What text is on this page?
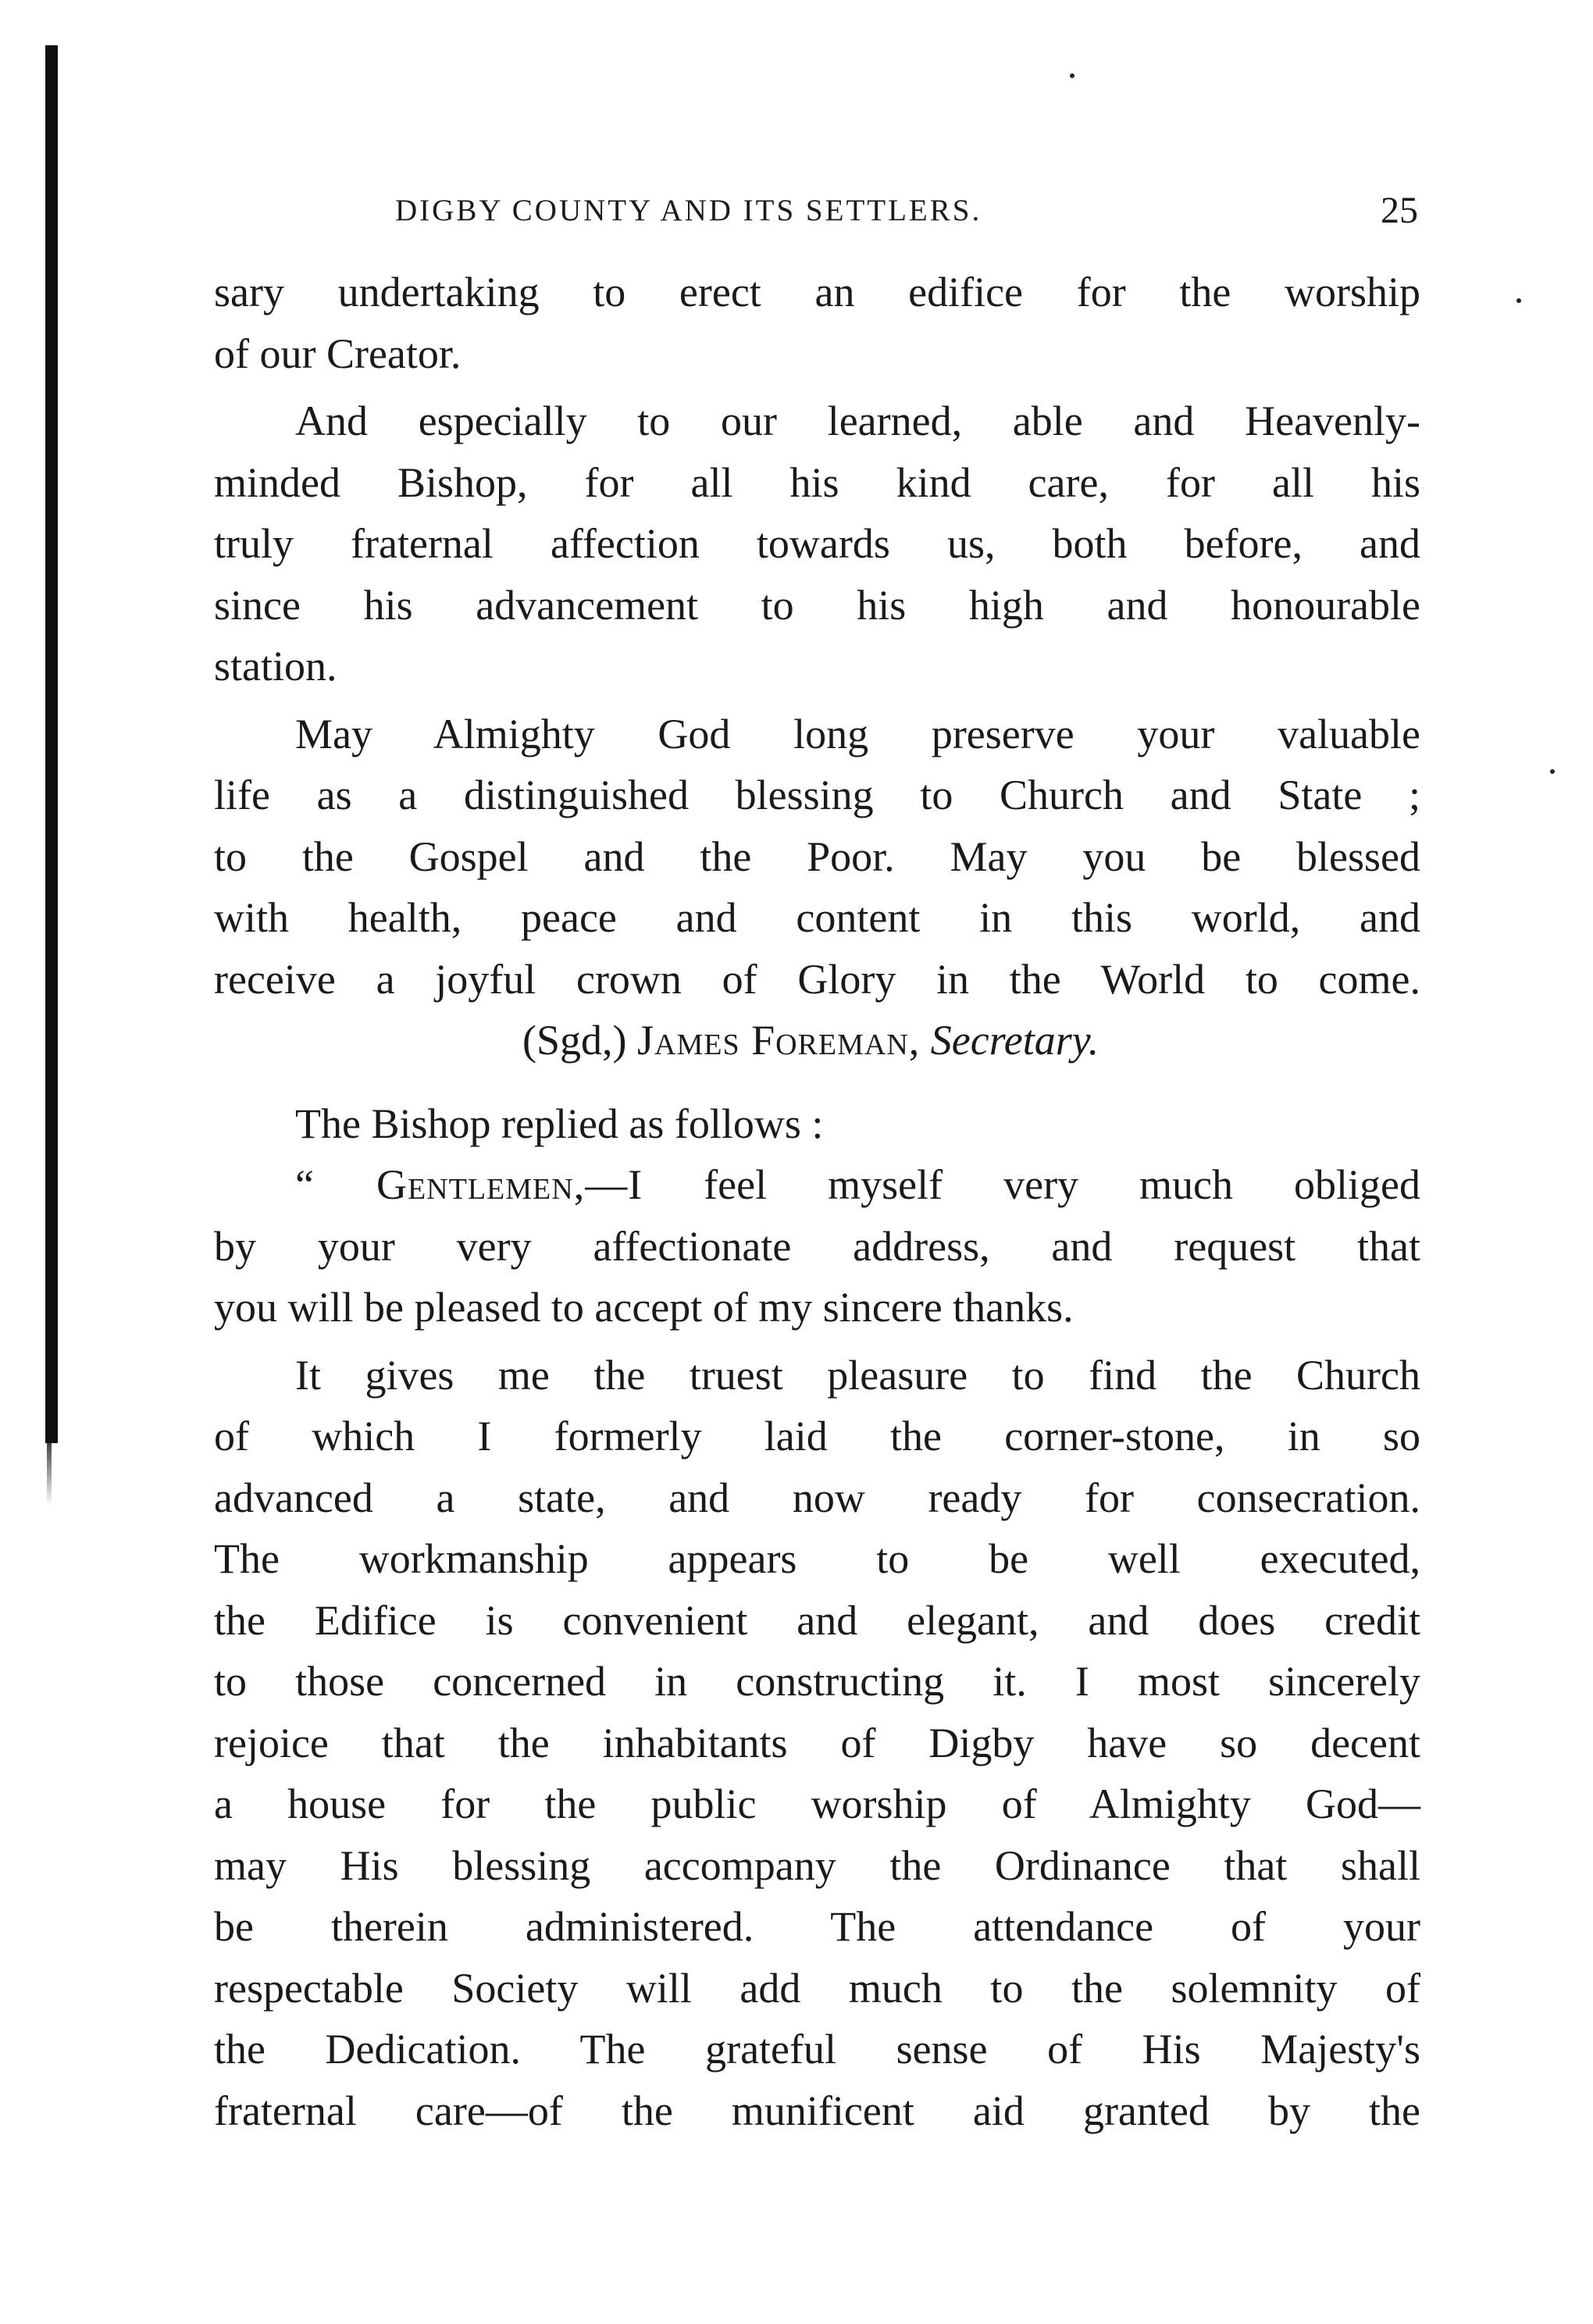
DIGBY COUNTY AND ITS SETTLERS.	25
sary undertaking to erect an edifice for the worship
of our Creator.
And especially to our learned, able and Heavenly-
minded Bishop, for all his kind care, for all his
truly fraternal affection towards us, both before, and
since his advancement to his high and honourable
station.
May Almighty God long preserve your valuable
life as a distinguished blessing to Church and State ;
to the Gospel and the Poor. May you be blessed
with health, peace and content in this world, and
receive a joyful crown of Glory in the World to come.
(Sgd,) James Foreman, Secretary.
The Bishop replied as follows :
“ Gentlemen,—I feel myself very much obliged
by your very affectionate address, and request that
you will be pleased to accept of my sincere thanks.
It gives me the truest pleasure to find the Church
of which I formerly laid the corner-stone, in so
advanced a state, and now ready for consecration.
The workmanship appears to be well executed,
the Edifice is convenient and elegant, and does credit
to those concerned in constructing it. I most sincerely
rejoice that the inhabitants of Digby have so decent
a house for the public worship of Almighty God—
may His blessing accompany the Ordinance that shall
be therein administered. The attendance of your
respectable Society will add much to the solemnity of
the Dedication. The grateful sense of His Majesty's
fraternal care—of the munificent aid granted by the
